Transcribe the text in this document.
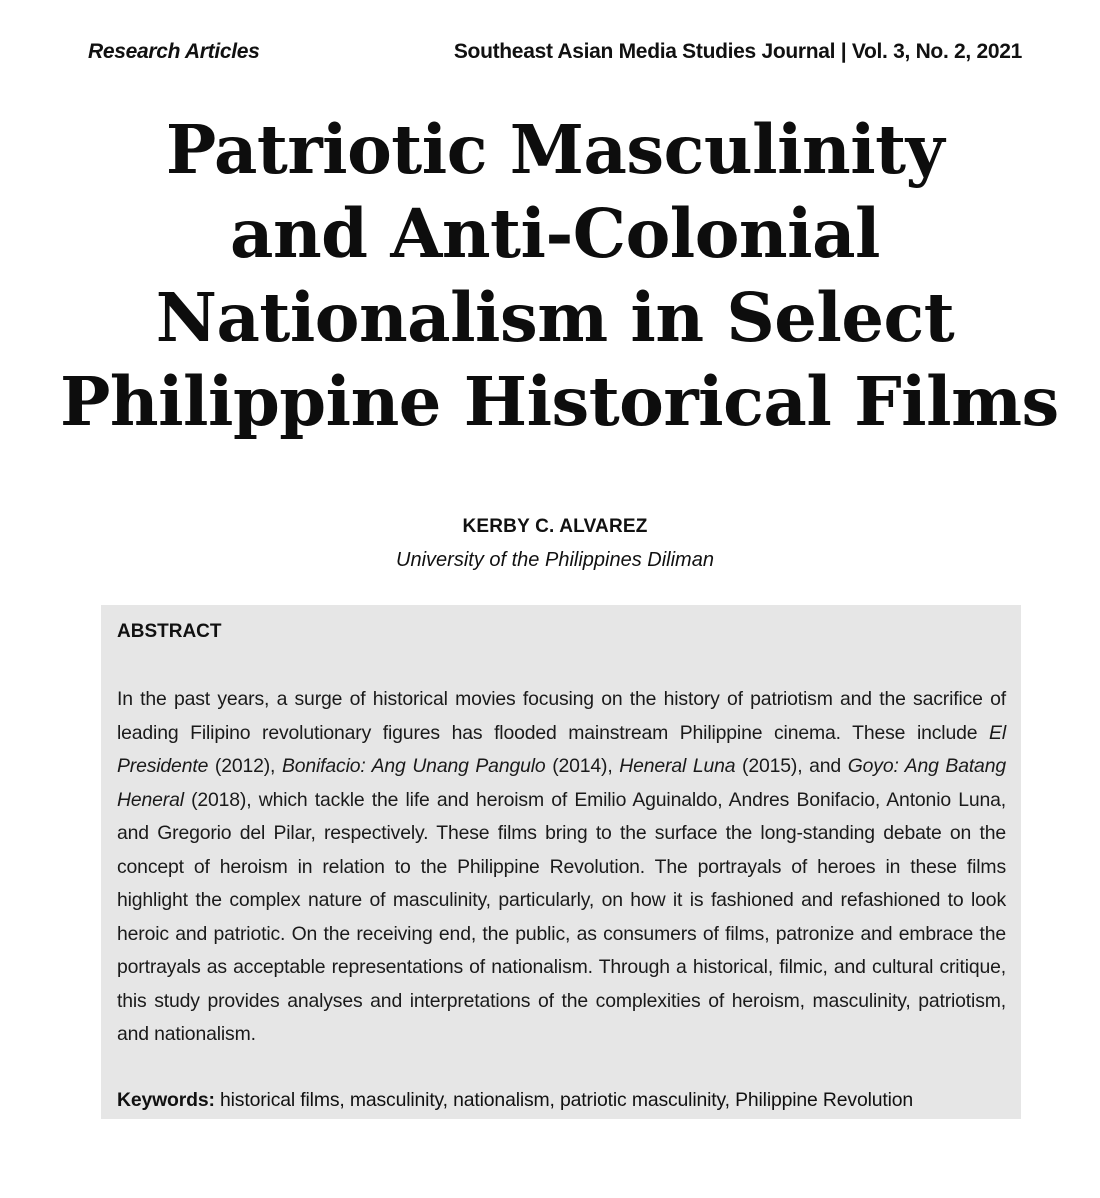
Research Articles	Southeast Asian Media Studies Journal | Vol. 3, No. 2, 2021
Patriotic Masculinity
and Anti-Colonial
Nationalism in Select
Philippine Historical Films
KERBY C. ALVAREZ
University of the Philippines Diliman
ABSTRACT

In the past years, a surge of historical movies focusing on the history of patriotism and the sacrifice of leading Filipino revolutionary figures has flooded mainstream Philippine cinema. These include El Presidente (2012), Bonifacio: Ang Unang Pangulo (2014), Heneral Luna (2015), and Goyo: Ang Batang Heneral (2018), which tackle the life and heroism of Emilio Aguinaldo, Andres Bonifacio, Antonio Luna, and Gregorio del Pilar, respectively. These films bring to the surface the long-standing debate on the concept of heroism in relation to the Philippine Revolution. The portrayals of heroes in these films highlight the complex nature of masculinity, particularly, on how it is fashioned and refashioned to look heroic and patriotic. On the receiving end, the public, as consumers of films, patronize and embrace the portrayals as acceptable representations of nationalism. Through a historical, filmic, and cultural critique, this study provides analyses and interpretations of the complexities of heroism, masculinity, patriotism, and nationalism.

Keywords: historical films, masculinity, nationalism, patriotic masculinity, Philippine Revolution
